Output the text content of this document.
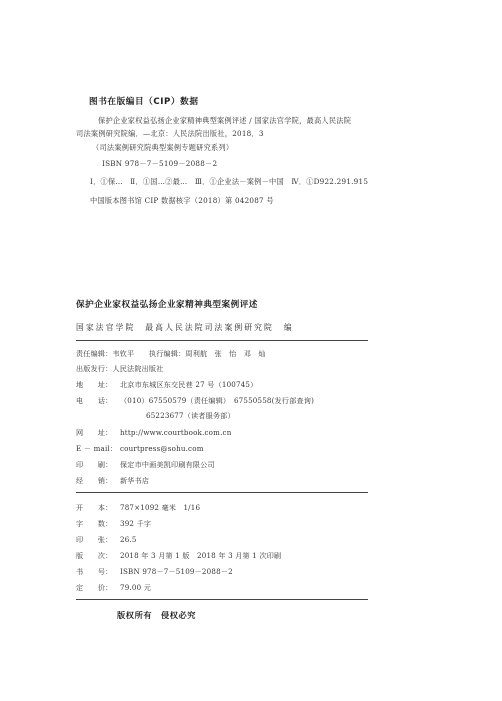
图书在版编目（CIP）数据
保护企业家权益弘扬企业家精神典型案例评述 / 国家法官学院，最高人民法院
司法案例研究院编．—北京：人民法院出版社，2018．3
（司法案例研究院典型案例专题研究系列）
ISBN 978－7－5109－2088－2
Ⅰ．①保…　Ⅱ．①国…②最…　Ⅲ．①企业法－案例－中国　Ⅳ．①D922.291.915
中国版本图书馆 CIP 数据核字（2018）第 042087 号
保护企业家权益弘扬企业家精神典型案例评述
国家法官学院　最高人民法院司法案例研究院　编
责任编辑：韦钦平　　执行编辑：周利航　张　怡　邓　灿
出版发行：人民法院出版社
地　　址： 北京市东城区东交民巷 27 号（100745）
电　　话： （010）67550579（责任编辑）　67550558(发行部查询)
65223677（读者服务部）
网　　址： http://www.courtbook.com.cn
E － mail： courtpress@sohu.com
印　　刷： 保定市中画美凯印刷有限公司
经　　销： 新华书店
开　　本： 787×1092 毫米　1/16
字　　数： 392 千字
印　　张： 26.5
版　　次： 2018 年 3 月第 1 版　2018 年 3 月第 1 次印刷
书　　号： ISBN 978－7－5109－2088－2
定　　价： 79.00 元
版权所有　侵权必究
